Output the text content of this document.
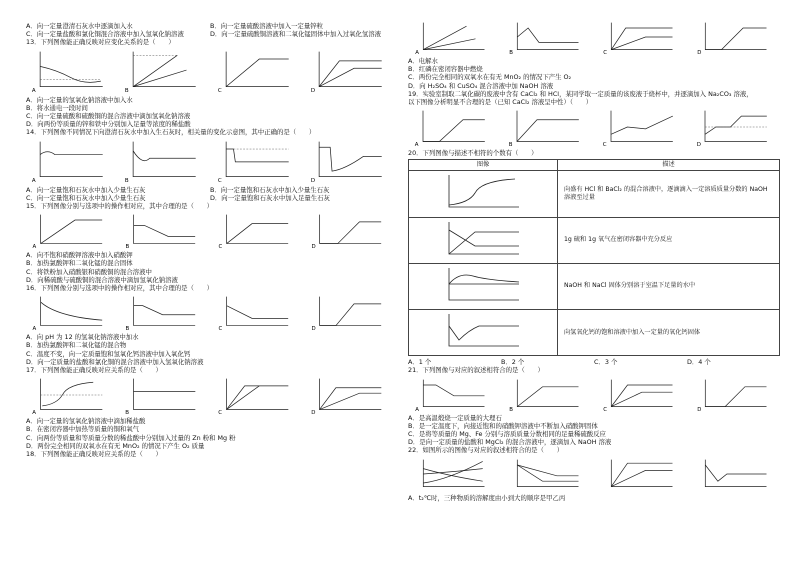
A．向一定量澄清石灰水中逐滴加入水	B．向一定量硫酸溶液中加入一定量锌粒
C．向一定量盐酸和氯化铜混合溶液中加入氢氧化钠溶液	D．向一定量硫酸铜溶液和二氧化锰固体中加入过氧化氢溶液

13．下列图像能正确反映对应变化关系的是（　　）

A	B	C	D
A．向一定量的氢氧化钠溶液中加入水
B．将水通电一段时间
C．向一定量硫酸和硫酸铜的混合溶液中滴加氢氧化钠溶液
D．向两份等质量的锌和铁中分别加入足量等浓度的稀盐酸

14．下列图像不同情况下向澄清石灰水中加入生石灰时，相关量的变化示意图，其中正确的是（　　）

A	B	C	D
A．向一定量饱和石灰水中加入少量生石灰	B．向一定量饱和石灰水中加入少量生石灰
C．向一定量饱和石灰水中加入少量生石灰	D．向一定量饱和石灰水中加入足量生石灰

15．下列图像分别与选项中的操作相对应，其中合理的是（　　）

A	B	C	D
A．向不饱和硝酸钾溶液中加入硝酸钾
B．加热氯酸钾和二氧化锰的混合固体
C．将铁粉加入硝酸银和硝酸铜的混合溶液中
D．向稀硫酸与硫酸铜的混合溶液中滴加氢氧化钠溶液

16．下列图像分别与选项中的操作相对应，其中合理的是（　　）

A	B	C	D
A．向 pH 为 12 的氢氧化钠溶液中加水
B．加热氯酸钾和二氧化锰的混合物
C．温度不变，向一定质量饱和氢氧化钙溶液中加入氧化钙
D．向一定质量的盐酸和氯化铜的混合溶液中加入氢氧化钠溶液

17．下列图像能正确反映对应关系的是（　　）

A	B	C	D
A．向一定量的氢氧化钠溶液中滴加稀盐酸
B．在密闭容器中加热等质量的铜和氧气
C．向两份等质量和等质量分数的稀盐酸中分别加入过量的 Zn 粉和 Mg 粉
D．两份完全相同的双氧水在有无 MnO₂ 的情况下产生 O₂ 质量

18．下列图像能正确反映对应关系的是（　　）

A	B	C	D
A．电解水
B．红磷在密闭容器中燃烧
C．两份完全相同的双氧水在有无 MnO₂ 的情况下产生 O₂
D．向 H₂SO₄ 和 CuSO₄ 混合溶液中加 NaOH 溶液

19．实验室制取二氧化碳的废液中含有 CaCl₂ 和 HCl，某同学取一定质量的该废液于烧杯中，并逐滴加入 Na₂CO₃ 溶液，

以下图像分析明显不合理的是（已知 CaCl₂ 溶液呈中性）（　　）

A	B	C	D

20．下列图像与描述不相符的个数有（　　）

图像	描述
	向盛有 HCl 和 BaCl₂ 的混合溶液中，逐滴滴入一定溶质质量分数的 NaOH 溶液至过量
	1g 硫和 1g 氧气在密闭容器中充分反应
	NaOH 和 NaCl 固体分别溶于室温下足量的水中
	向氢氧化钙的饱和溶液中加入一定量的氧化钙固体
A．1 个	B．2 个	C．3 个	D．4 个

21．下列图像与对应的叙述相符合的是（　　）

A	B	C	D
A．是高温煅烧一定质量的大理石
B．是一定温度下，向接近饱和的硝酸钾溶液中不断加入硝酸钾固体
C．是将等质量的 Mg、Fe 分别与溶质质量分数相同的足量稀硫酸反应
D．是向一定质量的盐酸和 MgCl₂ 的混合溶液中，逐滴加入 NaOH 溶液

22．如图所示的图像与对应的叙述相符合的是（　　）

A．t₂℃时，三种物质的溶解度由小到大的顺序是甲乙丙
